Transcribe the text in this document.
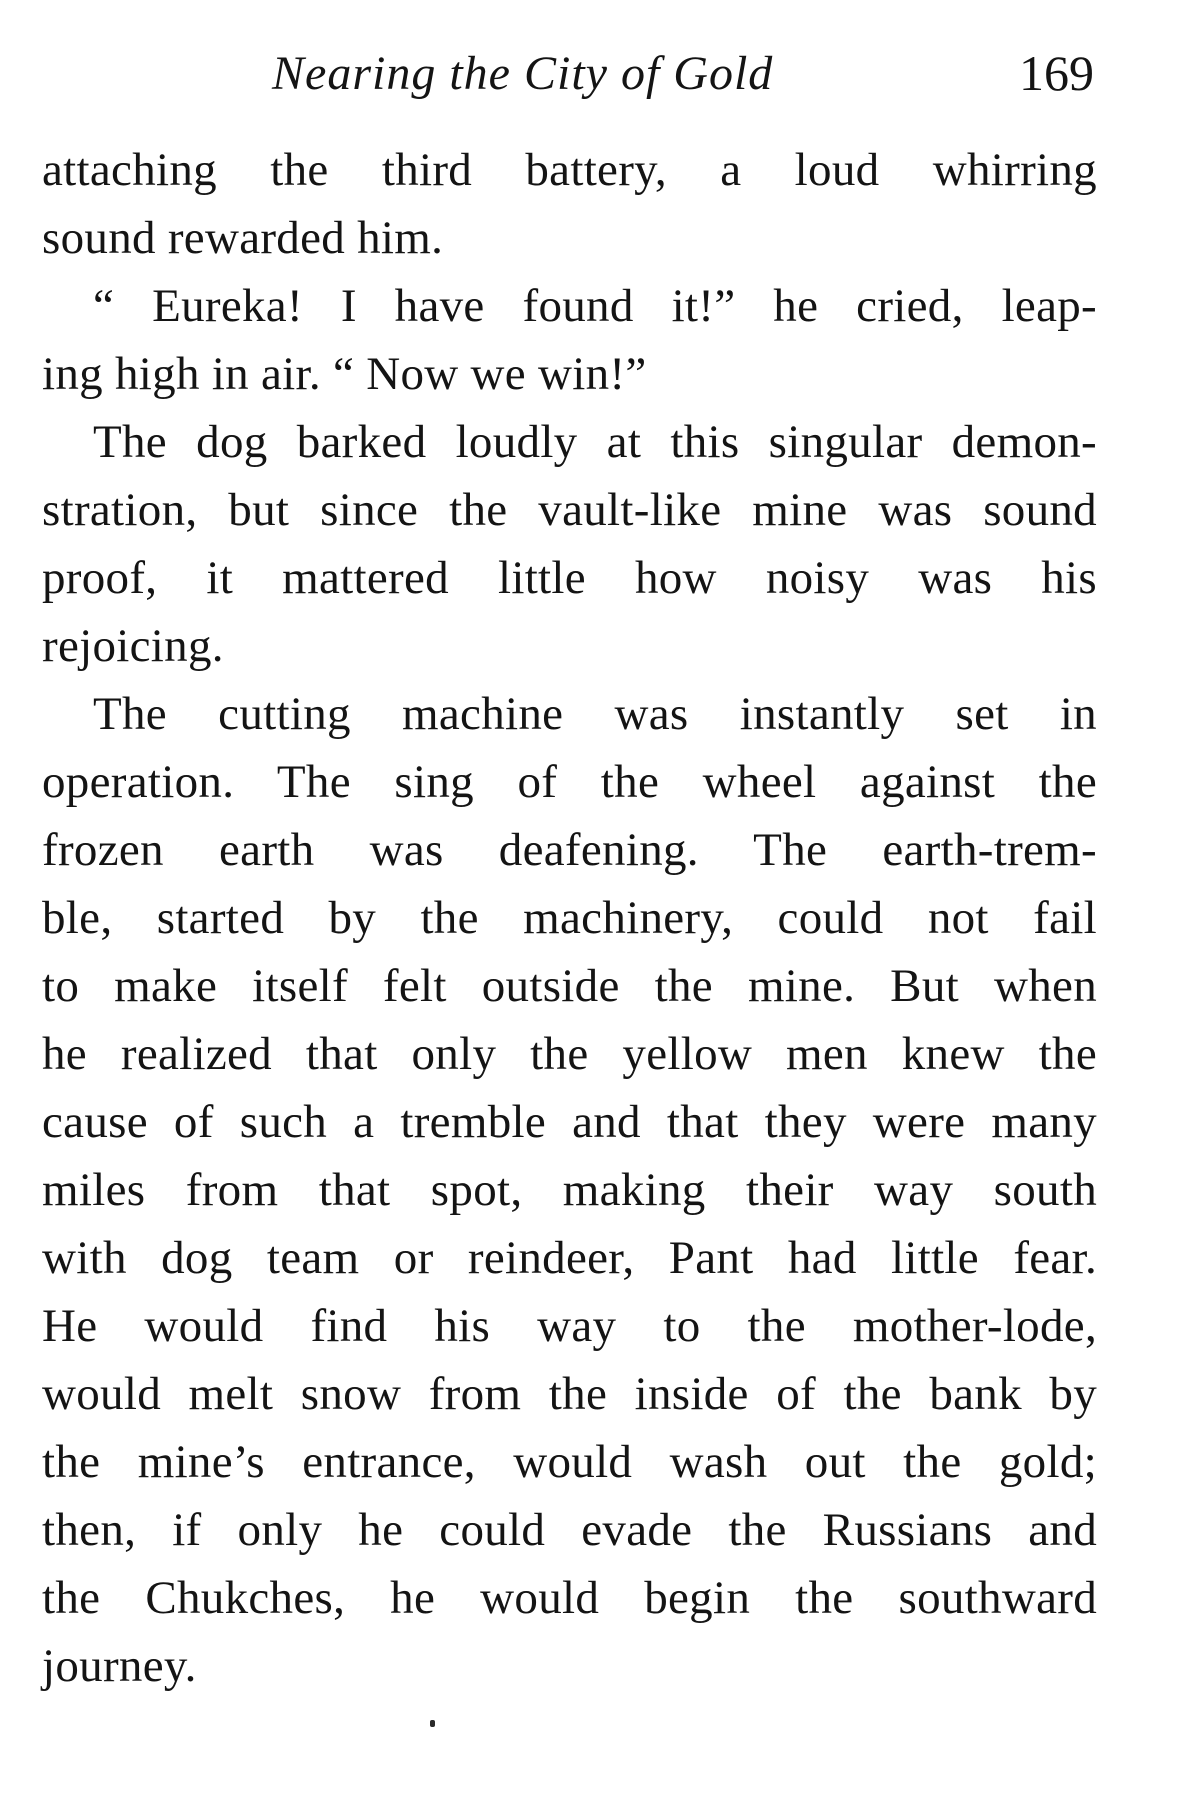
Nearing the City of Gold	169
attaching the third battery, a loud whirring
sound rewarded him.
“ Eureka! I have found it!” he cried, leap-
ing high in air. “ Now we win!”
The dog barked loudly at this singular demon-
stration, but since the vault-like mine was sound
proof, it mattered little how noisy was his
rejoicing.
The cutting machine was instantly set in
operation. The sing of the wheel against the
frozen earth was deafening. The earth-trem-
ble, started by the machinery, could not fail
to make itself felt outside the mine. But when
he realized that only the yellow men knew the
cause of such a tremble and that they were many
miles from that spot, making their way south
with dog team or reindeer, Pant had little fear.
He would find his way to the mother-lode,
would melt snow from the inside of the bank by
the mine’s entrance, would wash out the gold;
then, if only he could evade the Russians and
the Chukches, he would begin the southward
journey.
